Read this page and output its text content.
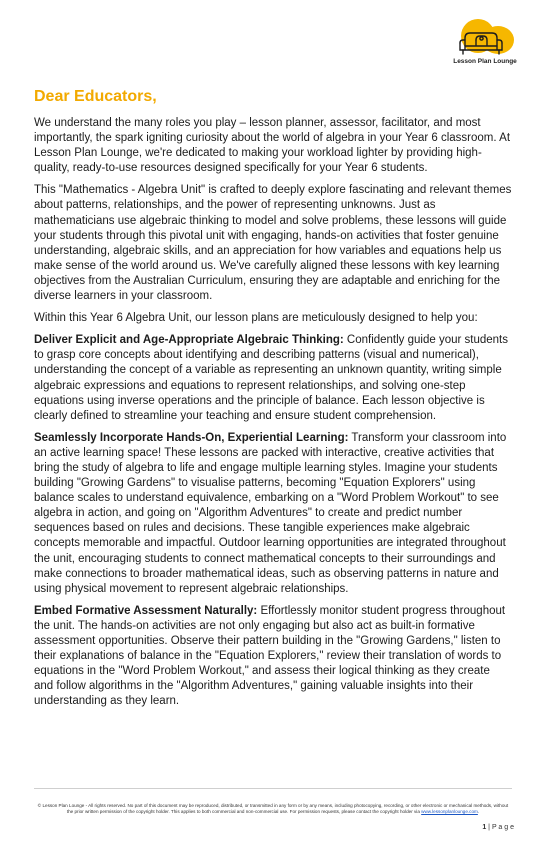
Lesson Plan Lounge
Dear Educators,

We understand the many roles you play – lesson planner, assessor, facilitator, and most importantly, the spark igniting curiosity about the world of algebra in your Year 6 classroom. At Lesson Plan Lounge, we're dedicated to making your workload lighter by providing high-quality, ready-to-use resources designed specifically for your Year 6 students.

This "Mathematics - Algebra Unit" is crafted to deeply explore fascinating and relevant themes about patterns, relationships, and the power of representing unknowns. Just as mathematicians use algebraic thinking to model and solve problems, these lessons will guide your students through this pivotal unit with engaging, hands-on activities that foster genuine understanding, algebraic skills, and an appreciation for how variables and equations help us make sense of the world around us. We've carefully aligned these lessons with key learning objectives from the Australian Curriculum, ensuring they are adaptable and enriching for the diverse learners in your classroom.

Within this Year 6 Algebra Unit, our lesson plans are meticulously designed to help you:

Deliver Explicit and Age-Appropriate Algebraic Thinking: Confidently guide your students to grasp core concepts about identifying and describing patterns (visual and numerical), understanding the concept of a variable as representing an unknown quantity, writing simple algebraic expressions and equations to represent relationships, and solving one-step equations using inverse operations and the principle of balance. Each lesson objective is clearly defined to streamline your teaching and ensure student comprehension.

Seamlessly Incorporate Hands-On, Experiential Learning: Transform your classroom into an active learning space! These lessons are packed with interactive, creative activities that bring the study of algebra to life and engage multiple learning styles. Imagine your students building "Growing Gardens" to visualise patterns, becoming "Equation Explorers" using balance scales to understand equivalence, embarking on a "Word Problem Workout" to see algebra in action, and going on "Algorithm Adventures" to create and predict number sequences based on rules and decisions. These tangible experiences make algebraic concepts memorable and impactful. Outdoor learning opportunities are integrated throughout the unit, encouraging students to connect mathematical concepts to their surroundings and make connections to broader mathematical ideas, such as observing patterns in nature and using physical movement to represent algebraic relationships.

Embed Formative Assessment Naturally: Effortlessly monitor student progress throughout the unit. The hands-on activities are not only engaging but also act as built-in formative assessment opportunities. Observe their pattern building in the "Growing Gardens," listen to their explanations of balance in the "Equation Explorers," review their translation of words to equations in the "Word Problem Workout," and assess their logical thinking as they create and follow algorithms in the "Algorithm Adventures," gaining valuable insights into their understanding as they learn.

© Lesson Plan Lounge - All rights reserved. No part of this document may be reproduced, distributed, or transmitted in any form or by any means, including photocopying, recording, or other electronic or mechanical methods, without the prior written permission of the copyright holder. This applies to both commercial and non-commercial use. For permission requests, please contact the copyright holder via www.lessonplanlounge.com.
1 | P a g e
